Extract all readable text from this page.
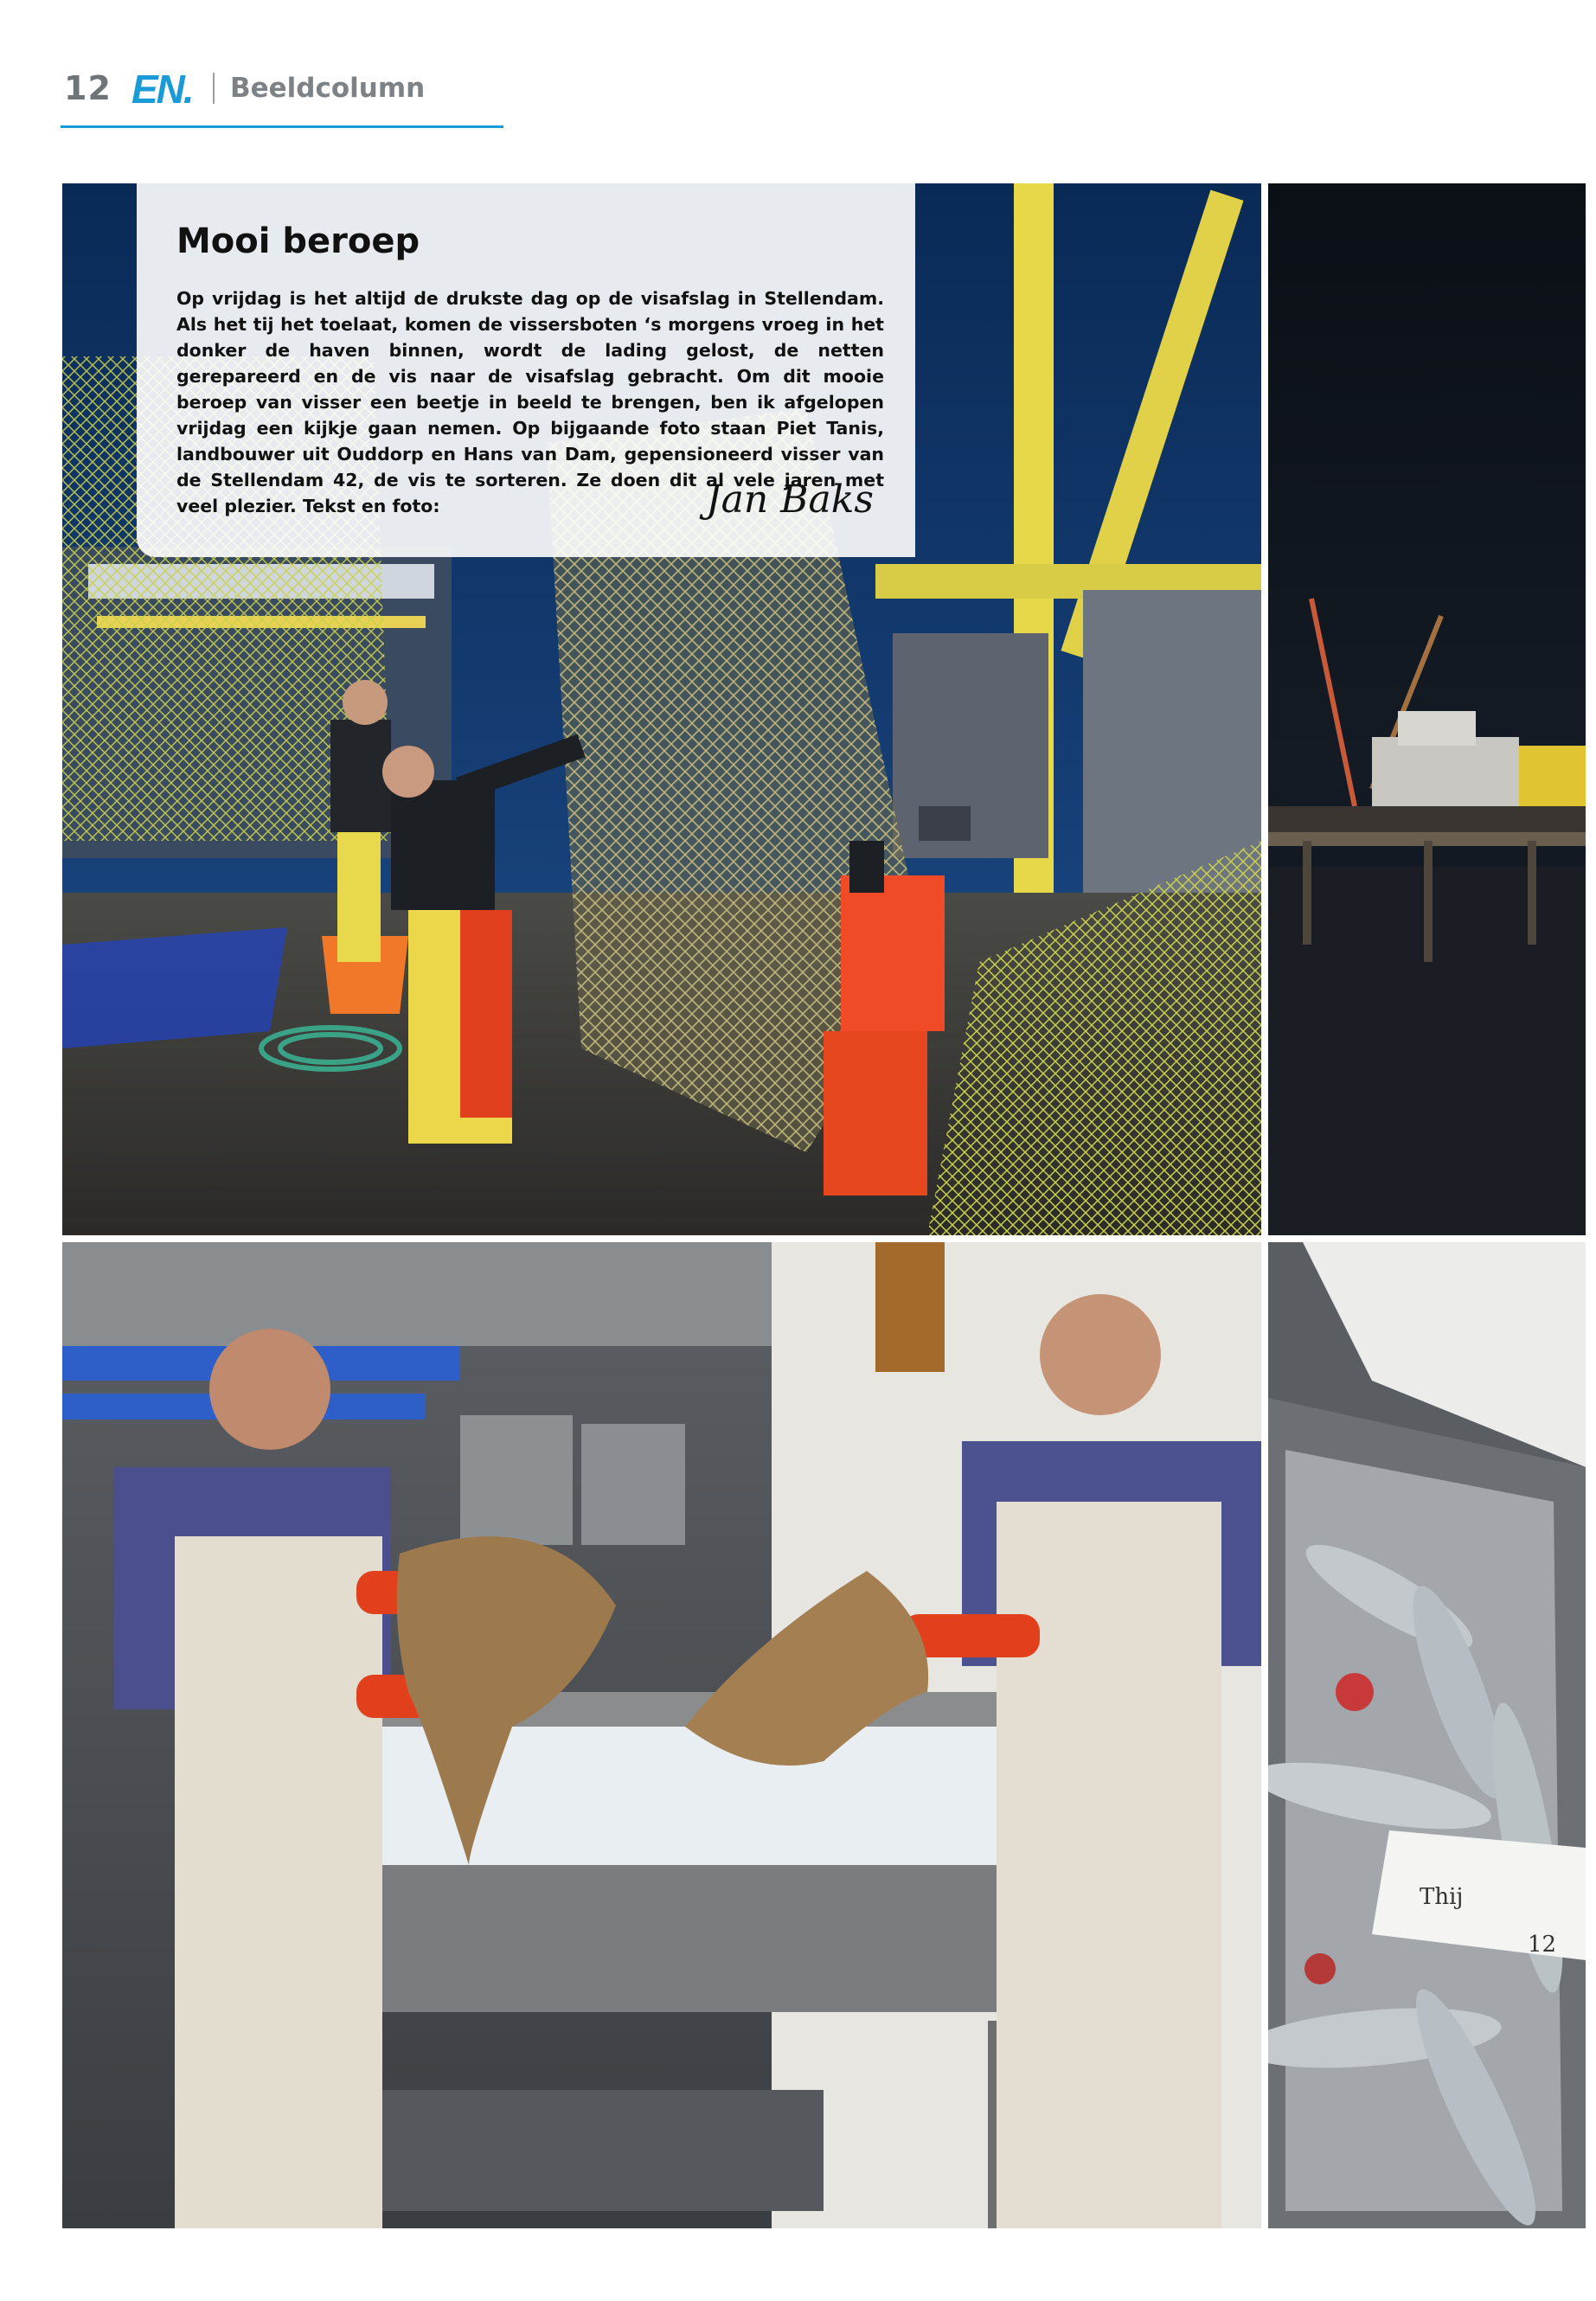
12 EN. Beeldcolumn
Mooi beroep
Op vrijdag is het altijd de drukste dag op de visafslag in Stellendam. Als het tij het toelaat, komen de vissersboten ‘s morgens vroeg in het donker de haven binnen, wordt de lading gelost, de netten gerepareerd en de vis naar de visafslag gebracht. Om dit mooie beroep van visser een beetje in beeld te brengen, ben ik afgelopen vrijdag een kijkje gaan nemen. Op bijgaande foto staan Piet Tanis, landbouwer uit Ouddorp en Hans van Dam, gepensioneerd visser van de Stellendam 42, de vis te sorteren. Ze doen dit al vele jaren met veel plezier. Tekst en foto:	Jan Baks
Thij
12
